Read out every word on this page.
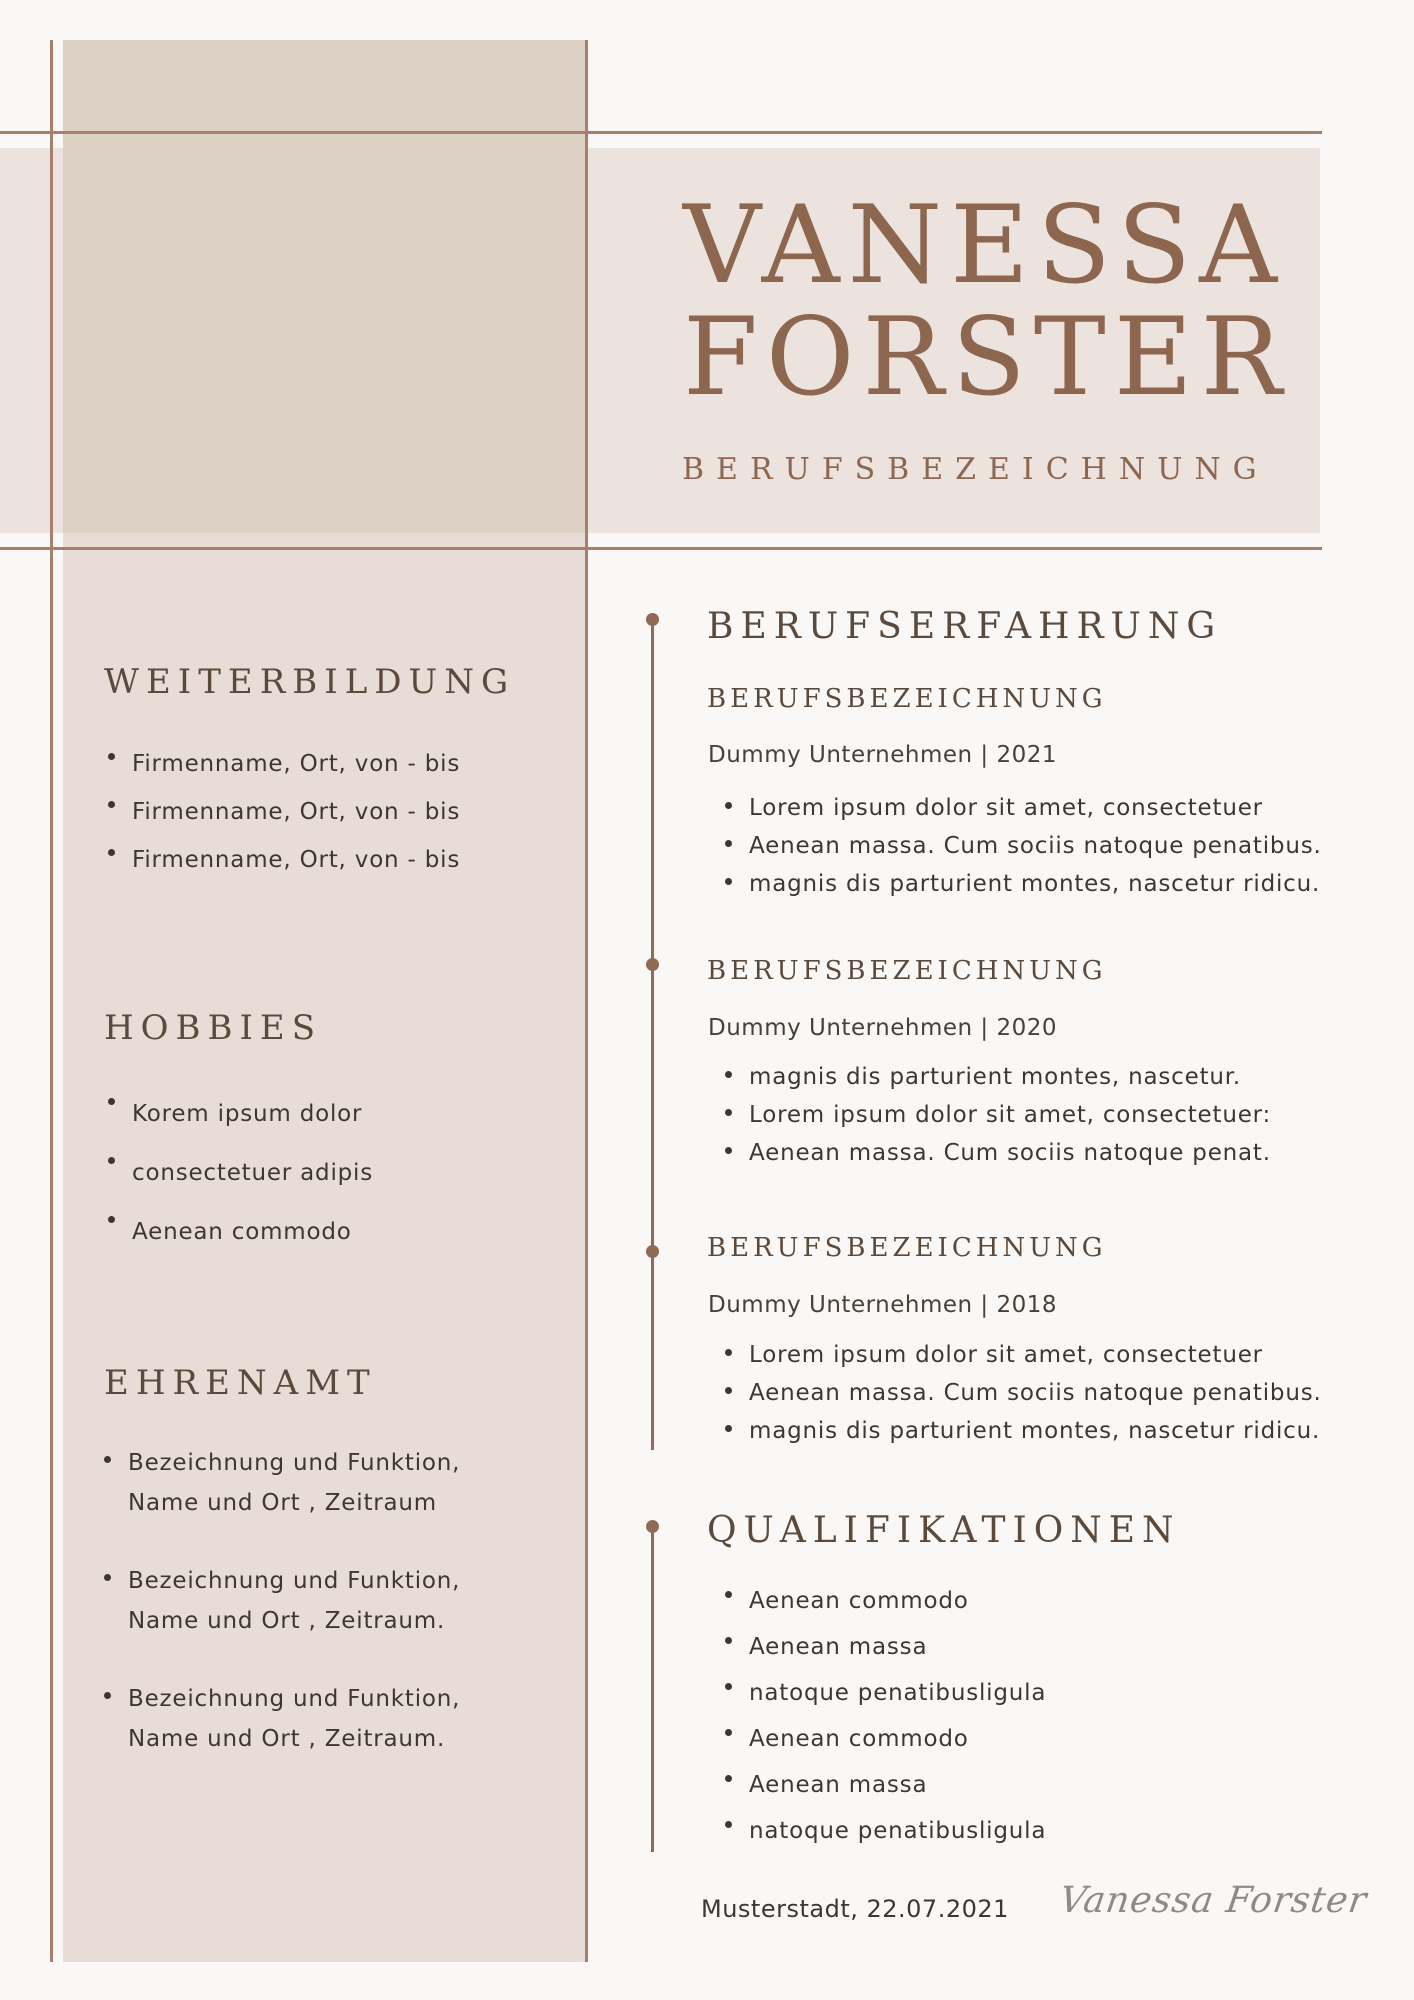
VANESSA
FORSTER
BERUFSBEZEICHNUNG
WEITERBILDUNG
Firmenname, Ort, von - bis
Firmenname, Ort, von - bis
Firmenname, Ort, von - bis
HOBBIES
Korem ipsum dolor
consectetuer adipis
Aenean commodo
EHRENAMT
Bezeichnung und Funktion,
Name und Ort , Zeitraum
Bezeichnung und Funktion,
Name und Ort , Zeitraum.
Bezeichnung und Funktion,
Name und Ort , Zeitraum.
BERUFSERFAHRUNG
BERUFSBEZEICHNUNG
Dummy Unternehmen | 2021
Lorem ipsum dolor sit amet, consectetuer
Aenean massa. Cum sociis natoque penatibus.
magnis dis parturient montes, nascetur ridicu.
BERUFSBEZEICHNUNG
Dummy Unternehmen | 2020
magnis dis parturient montes, nascetur.
Lorem ipsum dolor sit amet, consectetuer:
Aenean massa. Cum sociis natoque penat.
BERUFSBEZEICHNUNG
Dummy Unternehmen | 2018
Lorem ipsum dolor sit amet, consectetuer
Aenean massa. Cum sociis natoque penatibus.
magnis dis parturient montes, nascetur ridicu.
QUALIFIKATIONEN
Aenean commodo
Aenean massa
natoque penatibusligula
Aenean commodo
Aenean massa
natoque penatibusligula
Musterstadt, 22.07.2021 Vanessa Forster
